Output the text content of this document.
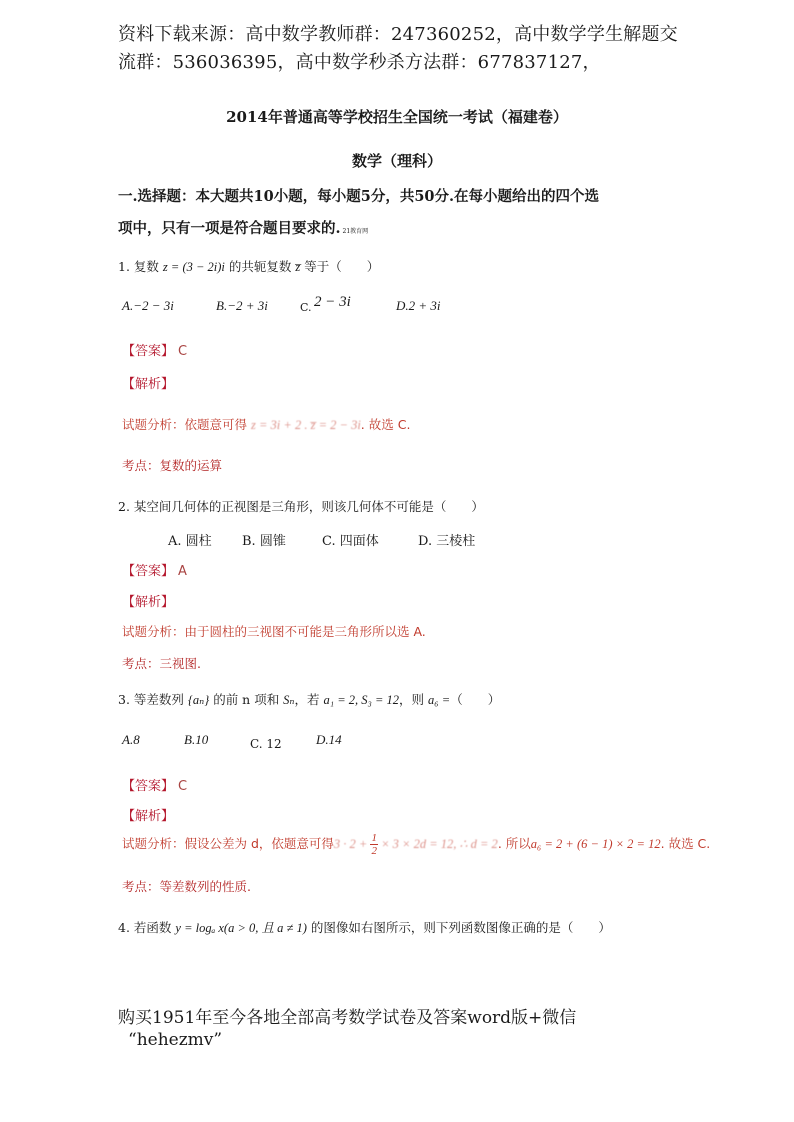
资料下载来源：高中数学教师群：247360252，高中数学学生解题交
流群：536036395，高中数学秒杀方法群：677837127，
2014年普通高等学校招生全国统一考试（福建卷）
数学（理科）
一.选择题：本大题共10小题，每小题5分，共50分.在每小题给出的四个选
项中，只有一项是符合题目要求的. 21教育网
1. 复数 z = (3 − 2i)i 的共轭复数 z̅ 等于（　　）
A.−2 − 3i	B.−2 + 3i	C. 2 − 3i	D.2 + 3i
【答案】 C
【解析】
试题分析：依题意可得 z = 3i + 2 . z̅ = 2 − 3i. 故选 C.
考点：复数的运算
2. 某空间几何体的正视图是三角形，则该几何体不可能是（　　）
A. 圆柱 B. 圆锥	C. 四面体	D. 三棱柱
【答案】 A
【解析】
试题分析：由于圆柱的三视图不可能是三角形所以选 A.
考点：三视图.
3. 等差数列 {aₙ} 的前 n 项和 Sₙ，若 a₁ = 2, S₃ = 12，则 a₆ =（　　）
A.8	B.10	C. 12	D.14
【答案】 C
【解析】
试题分析：假设公差为 d，依题意可得$3 \cdot 2 + \frac{1}{2} \times 3 \times 2d = 12$, ∴ d = 2. 所以a₆ = 2 + (6 − 1) × 2 = 12. 故选 C.
考点：等差数列的性质.
4. 若函数 y = logₐ x(a > 0, 且 a ≠ 1) 的图像如右图所示，则下列函数图像正确的是（　　）
购买1951年至今各地全部高考数学试卷及答案word版+微信
“hehezmv”
